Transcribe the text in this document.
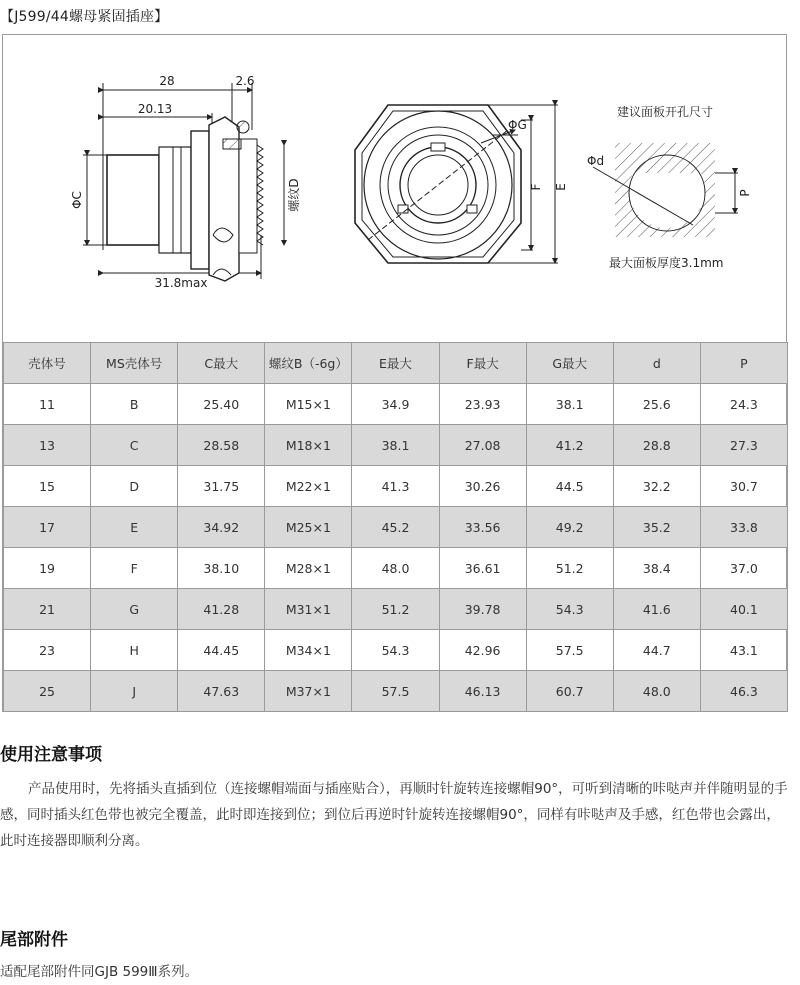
【J599/44螺母紧固插座】
28	2.6
20.13
31.8max
ΦC	螺纹D
ΦG
F E
建议面板开孔尺寸
Φd
P
最大面板厚度3.1mm
壳体号	MS壳体号	C最大	螺纹B（-6g）	E最大	F最大	G最大	d	P
11	B	25.40	M15×1	34.9	23.93	38.1	25.6	24.3
13	C	28.58	M18×1	38.1	27.08	41.2	28.8	27.3
15	D	31.75	M22×1	41.3	30.26	44.5	32.2	30.7
17	E	34.92	M25×1	45.2	33.56	49.2	35.2	33.8
19	F	38.10	M28×1	48.0	36.61	51.2	38.4	37.0
21	G	41.28	M31×1	51.2	39.78	54.3	41.6	40.1
23	H	44.45	M34×1	54.3	42.96	57.5	44.7	43.1
25	J	47.63	M37×1	57.5	46.13	60.7	48.0	46.3
使用注意事项

产品使用时，先将插头直插到位（连接螺帽端面与插座贴合），再顺时针旋转连接螺帽90°，可听到清晰的咔哒声并伴随明显的手感，同时插头红色带也被完全覆盖，此时即连接到位；到位后再逆时针旋转连接螺帽90°，同样有咔哒声及手感，红色带也会露出，此时连接器即顺利分离。

尾部附件

适配尾部附件同GJB 599Ⅲ系列。
